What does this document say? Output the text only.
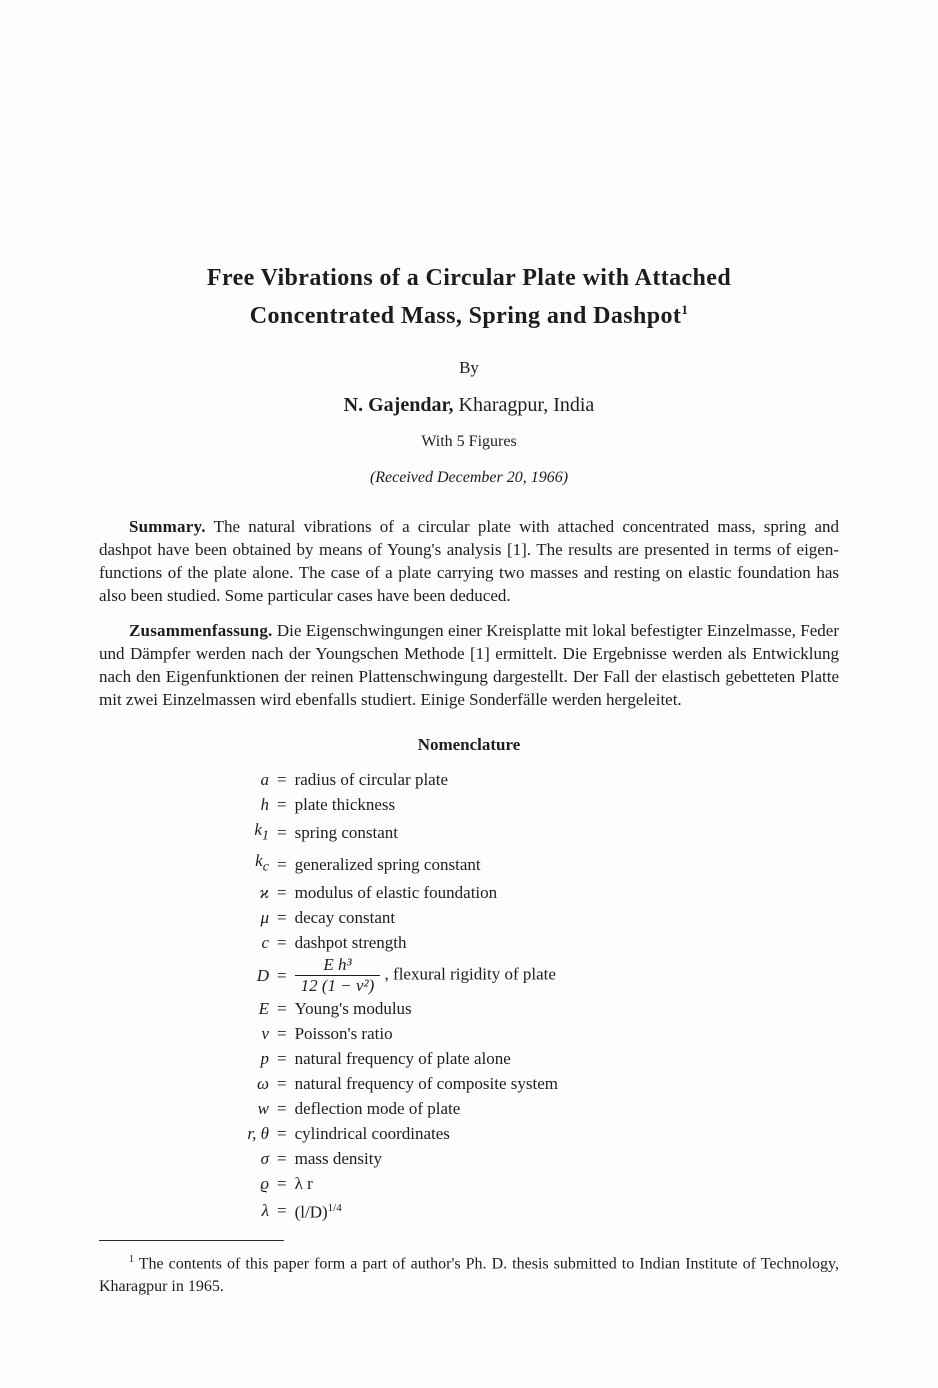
Free Vibrations of a Circular Plate with Attached
Concentrated Mass, Spring and Dashpot$^1$
By
N. Gajendar, Kharagpur, India
With 5 Figures
(Received December 20, 1966)

Summary. The natural vibrations of a circular plate with attached concentrated mass, spring and dashpot have been obtained by means of Young's analysis [1]. The results are presented in terms of eigen-functions of the plate alone. The case of a plate carrying two masses and resting on elastic foundation has also been studied. Some particular cases have been deduced.

Zusammenfassung. Die Eigenschwingungen einer Kreisplatte mit lokal befestigter Einzelmasse, Feder und Dämpfer werden nach der Youngschen Methode [1] ermittelt. Die Ergebnisse werden als Entwicklung nach den Eigenfunktionen der reinen Plattenschwingung dargestellt. Der Fall der elastisch gebetteten Platte mit zwei Einzelmassen wird ebenfalls studiert. Einige Sonderfälle werden hergeleitet.

Nomenclature
a = radius of circular plate
h = plate thickness
$k_1$ = spring constant
$k_c$ = generalized spring constant
ϰ = modulus of elastic foundation
μ = decay constant
c = dashpot strength
$D = \frac{\text{E h³}}{\text{12 (1 − ν²)}}$ , flexural rigidity of plate
E = Young's modulus
ν = Poisson's ratio
p = natural frequency of plate alone
ω = natural frequency of composite system
w = deflection mode of plate
r, θ = cylindrical coordinates
σ = mass density
ϱ = λ r
$\lambda = (l/D)^{1/4}$

$^1$ The contents of this paper form a part of author's Ph. D. thesis submitted to Indian Institute of Technology, Kharagpur in 1965.
